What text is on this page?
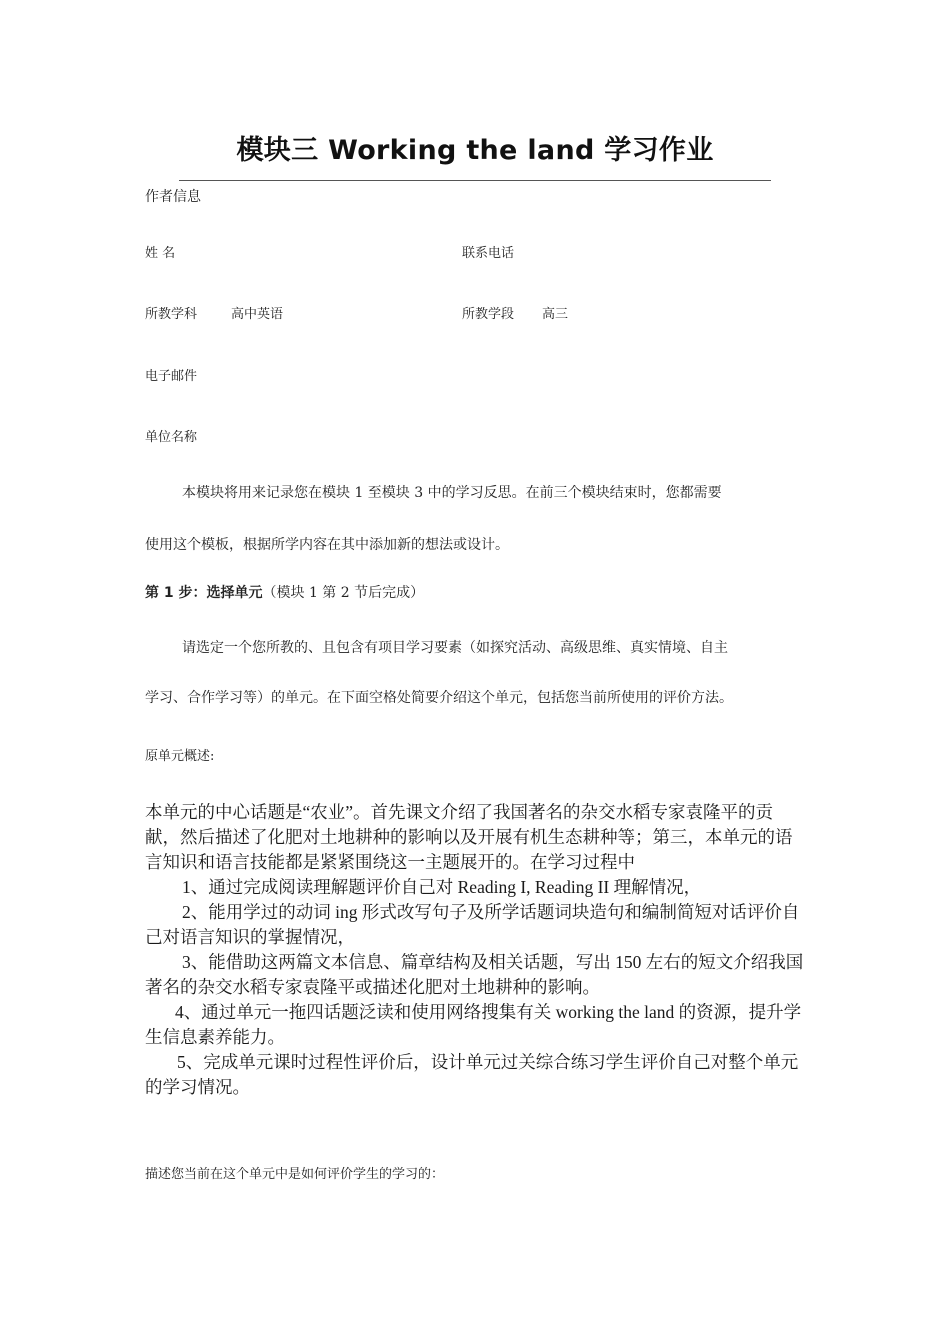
模块三 Working the land 学习作业
作者信息
姓 名	联系电话
所教学科	高中英语	所教学段 高三
电子邮件
单位名称
本模块将用来记录您在模块 1 至模块 3 中的学习反思。在前三个模块结束时，您都需要
使用这个模板，根据所学内容在其中添加新的想法或设计。
第 1 步：选择单元（模块 1 第 2 节后完成）
请选定一个您所教的、且包含有项目学习要素（如探究活动、高级思维、真实情境、自主
学习、合作学习等）的单元。在下面空格处简要介绍这个单元，包括您当前所使用的评价方法。
原单元概述:

本单元的中心话题是“农业”。首先课文介绍了我国著名的杂交水稻专家袁隆平的贡献，然后描述了化肥对土地耕种的影响以及开展有机生态耕种等；第三，本单元的语言知识和语言技能都是紧紧围绕这一主题展开的。在学习过程中

1、通过完成阅读理解题评价自己对 Reading I, Reading II 理解情况，

2、能用学过的动词 ing 形式改写句子及所学话题词块造句和编制简短对话评价自己对语言知识的掌握情况，

3、能借助这两篇文本信息、篇章结构及相关话题，写出 150 左右的短文介绍我国著名的杂交水稻专家袁隆平或描述化肥对土地耕种的影响。

4、通过单元一拖四话题泛读和使用网络搜集有关 working the land 的资源，提升学生信息素养能力。

5、完成单元课时过程性评价后，设计单元过关综合练习学生评价自己对整个单元的学习情况。

描述您当前在这个单元中是如何评价学生的学习的：
